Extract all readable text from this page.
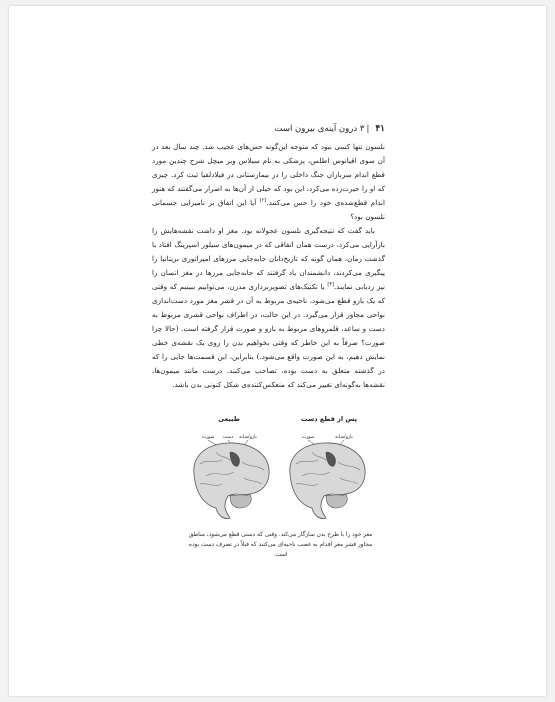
۴۱|۳ درون آینه‌ی بیرون است

نلسون تنها کسی نبود که متوجه این‌گونه حس‌های عجیب شد. چند سال بعد در آن سوی اقیانوس اطلس، پزشکی به نام سیلاس ویر میچل شرح چندین مورد قطع اندام سربازان جنگ داخلی را در بیمارستانی در فیلادلفیا ثبت کرد. چیزی که او را حیرت‌زده می‌کرد، این بود که خیلی از آن‌ها به اصرار می‌گفتند که هنوز اندام قطع‌شده‌ی خود را حس می‌کنند.[۲] آیا این اتفاق بر نامیرایی جسمانی نلسون بود؟

باید گفت که نتیجه‌گیری نلسون عجولانه بود. مغز او داشت نقشه‌هایش را بازآرایی می‌کرد، درست همان اتفاقی که در میمون‌های سیلور اسپرینگ افتاد یا گذشت زمان، همان گونه که تاریخ‌دانان جابه‌جایی مرزهای امپراتوری بریتانیا را پیگیری می‌کردند، دانشمندان یاد گرفتند که جابه‌جایی مرزها در مغز انسان را نیز ردیابی نمایند.[۳] با تکنیک‌های تصویربرداری مدرن، می‌توانیم ببینیم که وقتی که یک بازو قطع می‌شود، ناحیه‌ی مربوط به آن در قشر مغز مورد دست‌اندازی نواحی مجاور قرار می‌گیرد. در این حالت، در اطراف نواحی قشری مربوط به دست و ساعد، قلمروهای مربوط به بازو و صورت قرار گرفته است. (حالا چرا صورت؟ صرفاً به این خاطر که وقتی بخواهیم بدن را روی یک نقشه‌ی خطی نمایش دهیم، به این صورت واقع می‌شود.) بنابراین، این قسمت‌ها جایی را که در گذشته متعلق به دست بوده، تصاحب می‌کنند. درست مانند میمون‌ها، نقشه‌ها به‌گونه‌ای تغییر می‌کند که منعکس‌کننده‌ی شکل کنونی بدن باشد.

پس از قطع دست
طبیعی
بازو/شانه
دست
صورت	بازو/شانه
صورت
مغز خود را با طرح بدن سازگار می‌کند. وقتی که دستی قطع می‌شود، مناطق مجاور قشر مغز اقدام به غصب ناحیه‌ای می‌کنند که قبلاً در تصرف دست بوده است.
